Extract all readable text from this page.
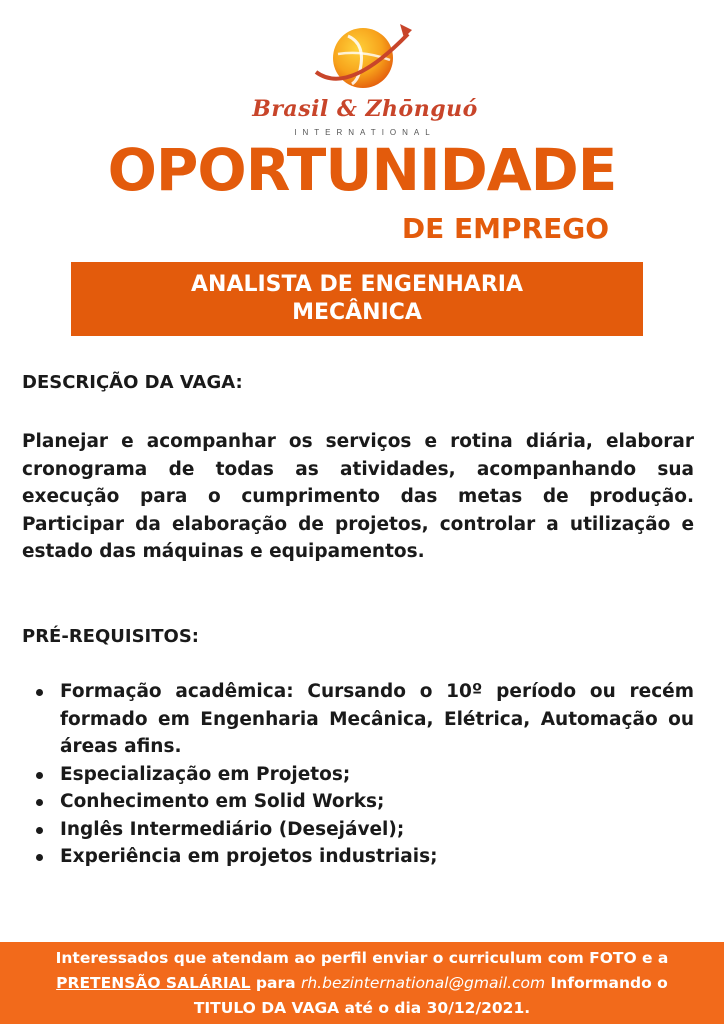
Brasil & Zhōnguó
INTERNATIONAL
OPORTUNIDADE
DE EMPREGO
ANALISTA DE ENGENHARIA
MECÂNICA
DESCRIÇÃO DA VAGA:
Planejar e acompanhar os serviços e rotina diária, elaborar cronograma de todas as atividades, acompanhando sua execução para o cumprimento das metas de produção. Participar da elaboração de projetos, controlar a utilização e estado das máquinas e equipamentos.
PRÉ-REQUISITOS:
Formação acadêmica: Cursando o 10º período ou recém formado em Engenharia Mecânica, Elétrica, Automação ou áreas afins.
Especialização em Projetos;
Conhecimento em Solid Works;
Inglês Intermediário (Desejável);
Experiência em projetos industriais;
Interessados que atendam ao perfil enviar o curriculum com FOTO e a
PRETENSÃO SALÁRIAL para rh.bezinternational@gmail.com Informando o
TITULO DA VAGA até o dia 30/12/2021.
